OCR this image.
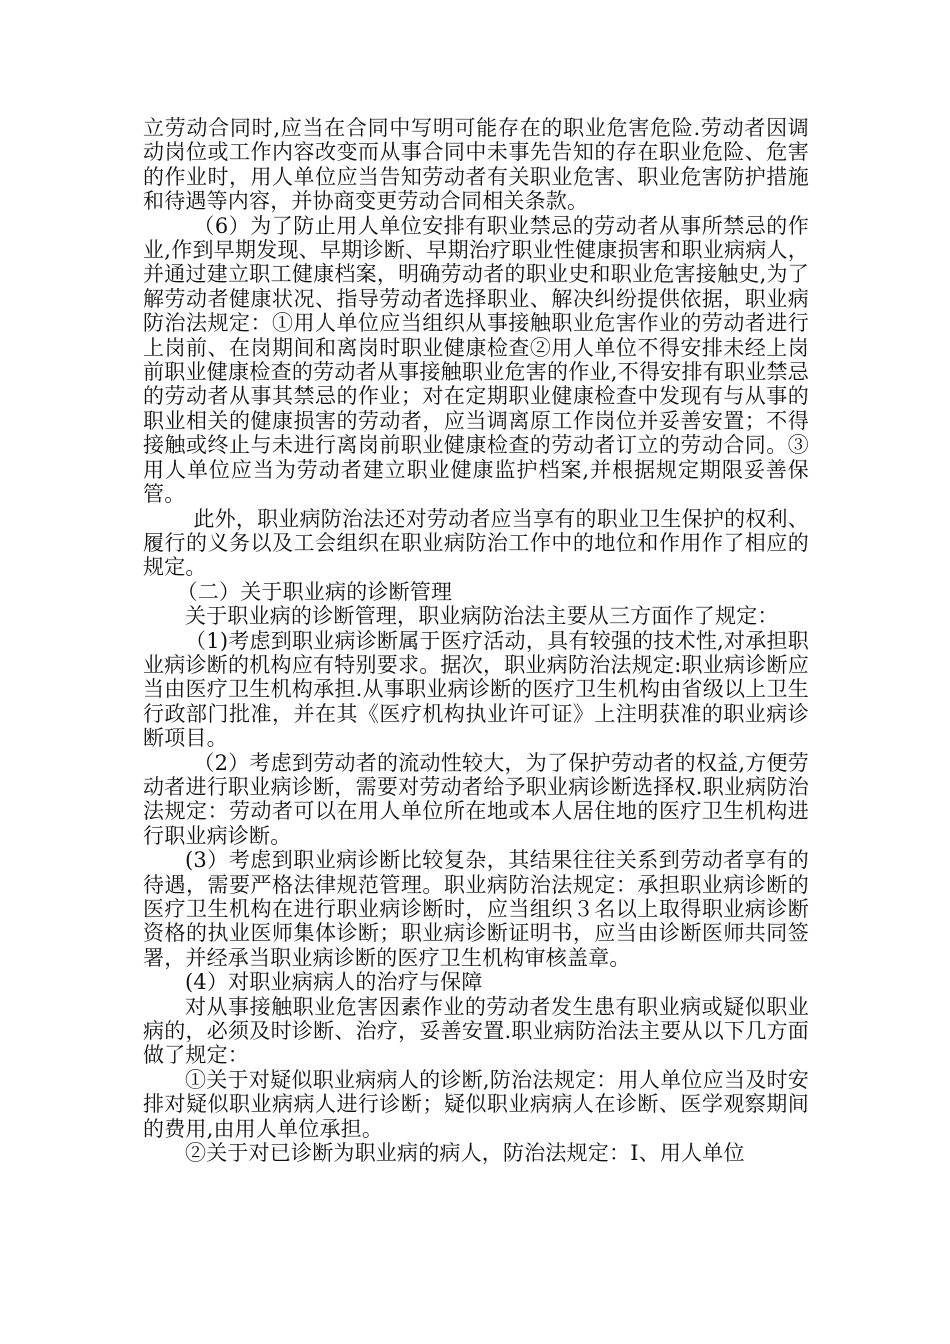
立劳动合同时,应当在合同中写明可能存在的职业危害危险.劳动者因调动岗位或工作内容改变而从事合同中未事先告知的存在职业危险、危害的作业时，用人单位应当告知劳动者有关职业危害、职业危害防护措施和待遇等内容，并协商变更劳动合同相关条款。

（6）为了防止用人单位安排有职业禁忌的劳动者从事所禁忌的作业,作到早期发现、早期诊断、早期治疗职业性健康损害和职业病病人，并通过建立职工健康档案，明确劳动者的职业史和职业危害接触史,为了解劳动者健康状况、指导劳动者选择职业、解决纠纷提供依据，职业病防治法规定：①用人单位应当组织从事接触职业危害作业的劳动者进行上岗前、在岗期间和离岗时职业健康检查②用人单位不得安排未经上岗前职业健康检查的劳动者从事接触职业危害的作业,不得安排有职业禁忌的劳动者从事其禁忌的作业；对在定期职业健康检查中发现有与从事的职业相关的健康损害的劳动者，应当调离原工作岗位并妥善安置；不得接触或终止与未进行离岗前职业健康检查的劳动者订立的劳动合同。③用人单位应当为劳动者建立职业健康监护档案,并根据规定期限妥善保管。

此外，职业病防治法还对劳动者应当享有的职业卫生保护的权利、履行的义务以及工会组织在职业病防治工作中的地位和作用作了相应的规定。

（二）关于职业病的诊断管理

关于职业病的诊断管理，职业病防治法主要从三方面作了规定：

（1)考虑到职业病诊断属于医疗活动，具有较强的技术性,对承担职业病诊断的机构应有特别要求。据次，职业病防治法规定:职业病诊断应当由医疗卫生机构承担.从事职业病诊断的医疗卫生机构由省级以上卫生行政部门批准，并在其《医疗机构执业许可证》上注明获准的职业病诊断项目。

（2）考虑到劳动者的流动性较大，为了保护劳动者的权益,方便劳动者进行职业病诊断，需要对劳动者给予职业病诊断选择权.职业病防治法规定：劳动者可以在用人单位所在地或本人居住地的医疗卫生机构进行职业病诊断。

(3）考虑到职业病诊断比较复杂，其结果往往关系到劳动者享有的待遇，需要严格法律规范管理。职业病防治法规定：承担职业病诊断的医疗卫生机构在进行职业病诊断时，应当组织３名以上取得职业病诊断资格的执业医师集体诊断；职业病诊断证明书，应当由诊断医师共同签署，并经承当职业病诊断的医疗卫生机构审核盖章。

(4）对职业病病人的治疗与保障

对从事接触职业危害因素作业的劳动者发生患有职业病或疑似职业病的，必须及时诊断、治疗，妥善安置.职业病防治法主要从以下几方面做了规定：

①关于对疑似职业病病人的诊断,防治法规定：用人单位应当及时安排对疑似职业病病人进行诊断；疑似职业病病人在诊断、医学观察期间的费用,由用人单位承担。

②关于对已诊断为职业病的病人，防治法规定：Ⅰ、用人单位
